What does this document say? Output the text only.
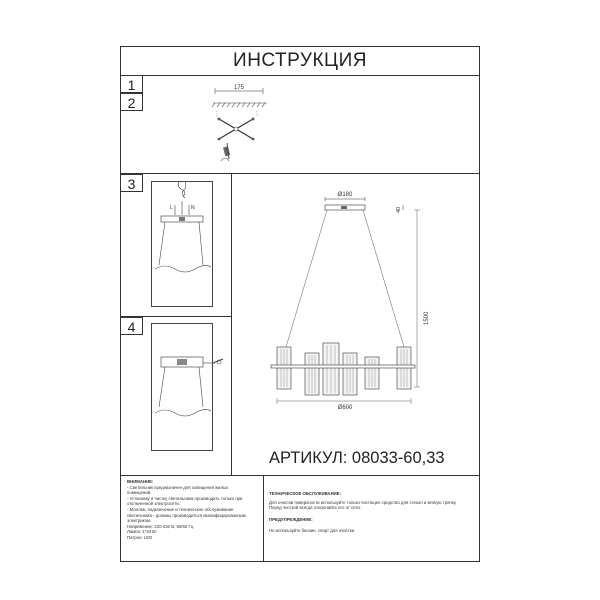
ИНСТРУКЦИЯ
1
2
3
4
175
L	N
Ø180
40
1500
Ø600
АРТИКУЛ: 08033-60,33
ВНИМАНИЕ:
- Светильник предназначен для освещения жилых
помещений.
- Установку и чистку светильника производить только при
отключенной электросети.
- Монтаж, подключение и техническое обслуживание
светильника - должны производиться квалифицированным
электриком.
Напряжение: 220-230 В, 50/60 Гц
Лампа: 1*34 Вт
Патрон: LED
ТЕХНИЧЕСКОЕ ОБСЛУЖИВАНИЕ:
Для очистки поверхности используйте только чистящее средство для стекол и мягкую тряпку.
Перед чисткой всегда отключайте его от сети.
ПРЕДУПРЕЖДЕНИЕ:
Не используйте бензин, спирт для очистки.
